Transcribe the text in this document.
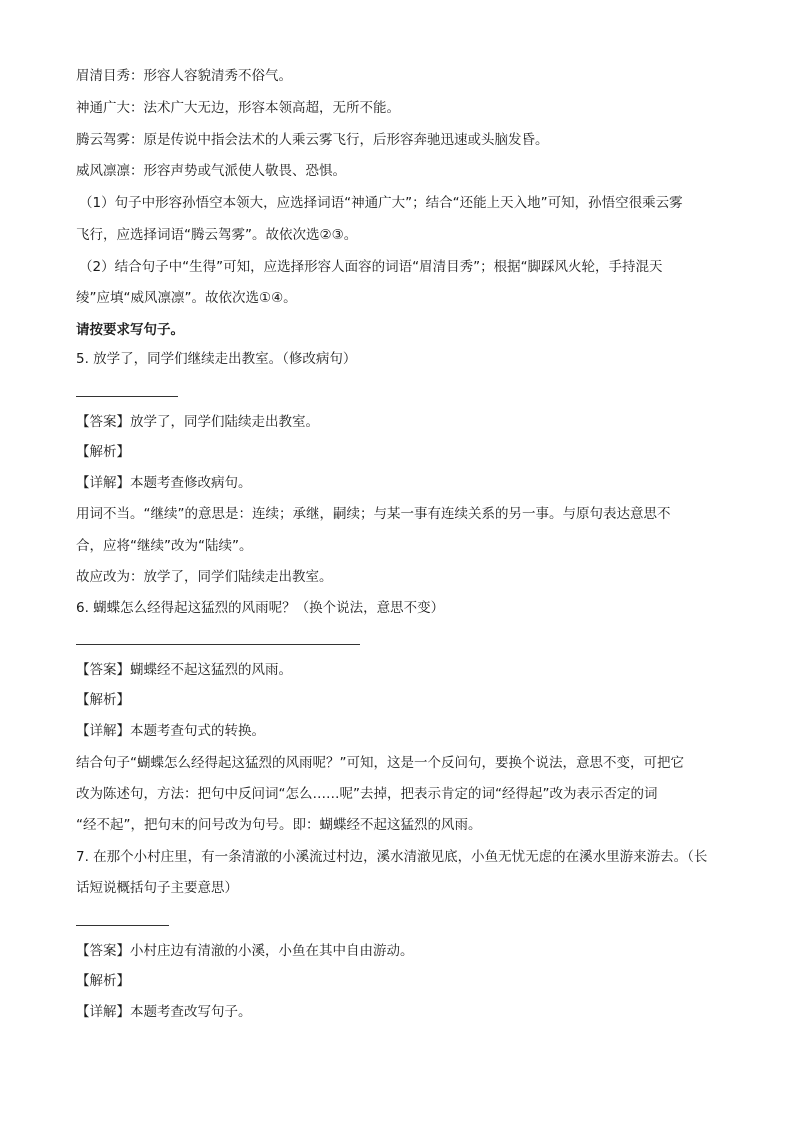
眉清目秀：形容人容貌清秀不俗气。
神通广大：法术广大无边，形容本领高超，无所不能。
腾云驾雾：原是传说中指会法术的人乘云雾飞行，后形容奔驰迅速或头脑发昏。
威风凛凛：形容声势或气派使人敬畏、恐惧。
（1）句子中形容孙悟空本领大，应选择词语“神通广大”；结合“还能上天入地”可知，孙悟空很乘云雾
飞行，应选择词语“腾云驾雾”。故依次选②③。
（2）结合句子中“生得”可知，应选择形容人面容的词语“眉清目秀”；根据“脚踩风火轮，手持混天
绫”应填“威风凛凛”。故依次选①④。
请按要求写句子。
5. 放学了，同学们继续走出教室。（修改病句）
【答案】放学了，同学们陆续走出教室。
【解析】
【详解】本题考查修改病句。
用词不当。“继续”的意思是：连续；承继，嗣续；与某一事有连续关系的另一事。与原句表达意思不
合，应将“继续”改为“陆续”。
故应改为：放学了，同学们陆续走出教室。
6. 蝴蝶怎么经得起这猛烈的风雨呢？（换个说法，意思不变）
【答案】蝴蝶经不起这猛烈的风雨。
【解析】
【详解】本题考查句式的转换。
结合句子“蝴蝶怎么经得起这猛烈的风雨呢？”可知，这是一个反问句，要换个说法，意思不变，可把它
改为陈述句，方法：把句中反问词“怎么……呢”去掉，把表示肯定的词“经得起”改为表示否定的词
“经不起”，把句末的问号改为句号。即：蝴蝶经不起这猛烈的风雨。
7. 在那个小村庄里，有一条清澈的小溪流过村边，溪水清澈见底，小鱼无忧无虑的在溪水里游来游去。（长
话短说概括句子主要意思）
【答案】小村庄边有清澈的小溪，小鱼在其中自由游动。
【解析】
【详解】本题考查改写句子。
